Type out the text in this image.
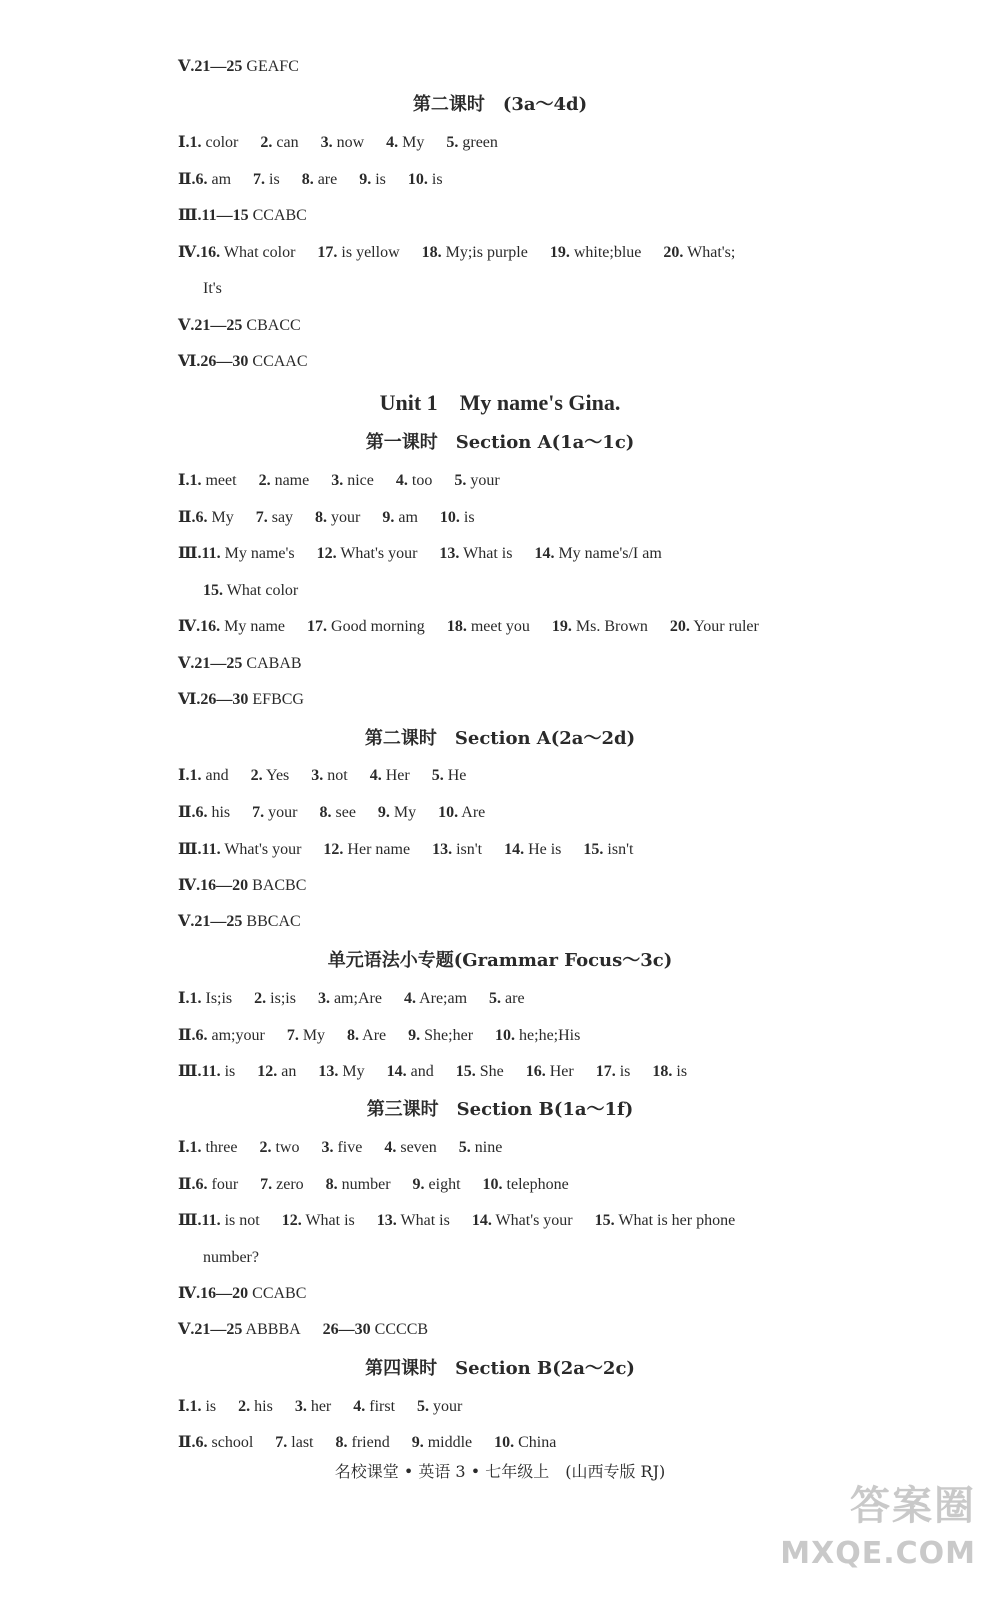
Ⅴ.21—25 GEAFC
Ⅰ.1. color 2. can 3. now 4. My 5. green
Ⅱ.6. am 7. is 8. are 9. is 10. is
Ⅲ.11—15 CCABC
Ⅳ.16. What color 17. is yellow 18. My;is purple 19. white;blue 20. What's;
It's
Ⅴ.21—25 CBACC
Ⅵ.26—30 CCAAC
Ⅰ.1. meet 2. name 3. nice 4. too 5. your
Ⅱ.6. My 7. say 8. your 9. am 10. is
Ⅲ.11. My name's 12. What's your 13. What is 14. My name's/I am
15. What color
Ⅳ.16. My name 17. Good morning 18. meet you 19. Ms. Brown 20. Your ruler
Ⅴ.21—25 CABAB
Ⅵ.26—30 EFBCG
Ⅰ.1. and 2. Yes 3. not 4. Her 5. He
Ⅱ.6. his 7. your 8. see 9. My 10. Are
Ⅲ.11. What's your 12. Her name 13. isn't 14. He is 15. isn't
Ⅳ.16—20 BACBC
Ⅴ.21—25 BBCAC
Ⅰ.1. Is;is 2. is;is 3. am;Are 4. Are;am 5. are
Ⅱ.6. am;your 7. My 8. Are 9. She;her 10. he;he;His
Ⅲ.11. is 12. an 13. My 14. and 15. She 16. Her 17. is 18. is
Ⅰ.1. three 2. two 3. five 4. seven 5. nine
Ⅱ.6. four 7. zero 8. number 9. eight 10. telephone
Ⅲ.11. is not 12. What is 13. What is 14. What's your 15. What is her phone
number?
Ⅳ.16—20 CCABC
Ⅴ.21—25 ABBBA 26—30 CCCCB
Ⅰ.1. is 2. his 3. her 4. first 5. your
Ⅱ.6. school 7. last 8. friend 9. middle 10. China
第二课时　(3a～4d)
第一课时　Section A(1a～1c)
第二课时　Section A(2a～2d)
单元语法小专题(Grammar Focus～3c)
第三课时　Section B(1a～1f)
第四课时　Section B(2a～2c)
Unit 1　My name's Gina.
名校课堂 • 英语 3 • 七年级上　(山西专版 RJ)
答案圈
MXQE.COM
